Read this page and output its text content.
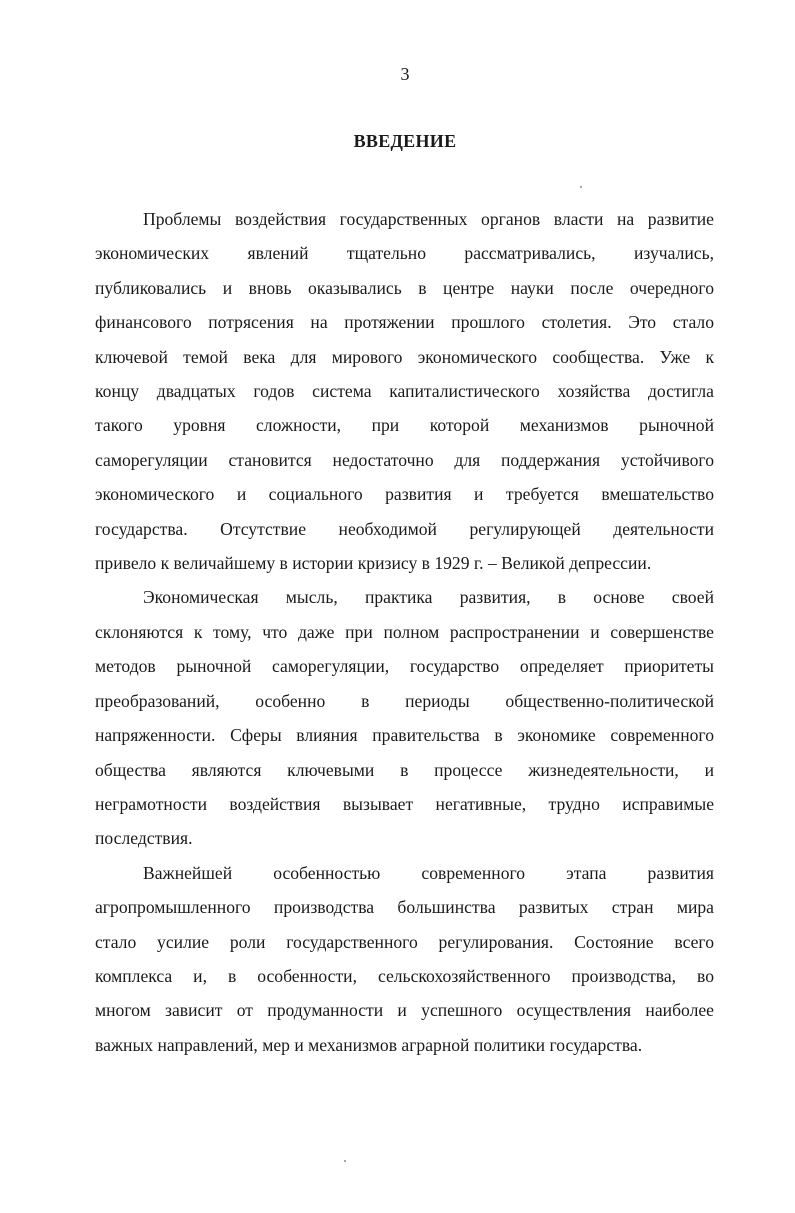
3
ВВЕДЕНИЕ
Проблемы воздействия государственных органов власти на развитие
экономических явлений тщательно рассматривались, изучались,
публиковались и вновь оказывались в центре науки после очередного
финансового потрясения на протяжении прошлого столетия. Это стало
ключевой темой века для мирового экономического сообщества. Уже к
концу двадцатых годов система капиталистического хозяйства достигла
такого уровня сложности, при которой механизмов рыночной
саморегуляции становится недостаточно для поддержания устойчивого
экономического и социального развития и требуется вмешательство
государства. Отсутствие необходимой регулирующей деятельности
привело к величайшему в истории кризису в 1929 г. – Великой депрессии.
Экономическая мысль, практика развития, в основе своей
склоняются к тому, что даже при полном распространении и совершенстве
методов рыночной саморегуляции, государство определяет приоритеты
преобразований, особенно в периоды общественно-политической
напряженности. Сферы влияния правительства в экономике современного
общества являются ключевыми в процессе жизнедеятельности, и
неграмотности воздействия вызывает негативные, трудно исправимые
последствия.
Важнейшей особенностью современного этапа развития
агропромышленного производства большинства развитых стран мира
стало усилие роли государственного регулирования. Состояние всего
комплекса и, в особенности, сельскохозяйственного производства, во
многом зависит от продуманности и успешного осуществления наиболее
важных направлений, мер и механизмов аграрной политики государства.
